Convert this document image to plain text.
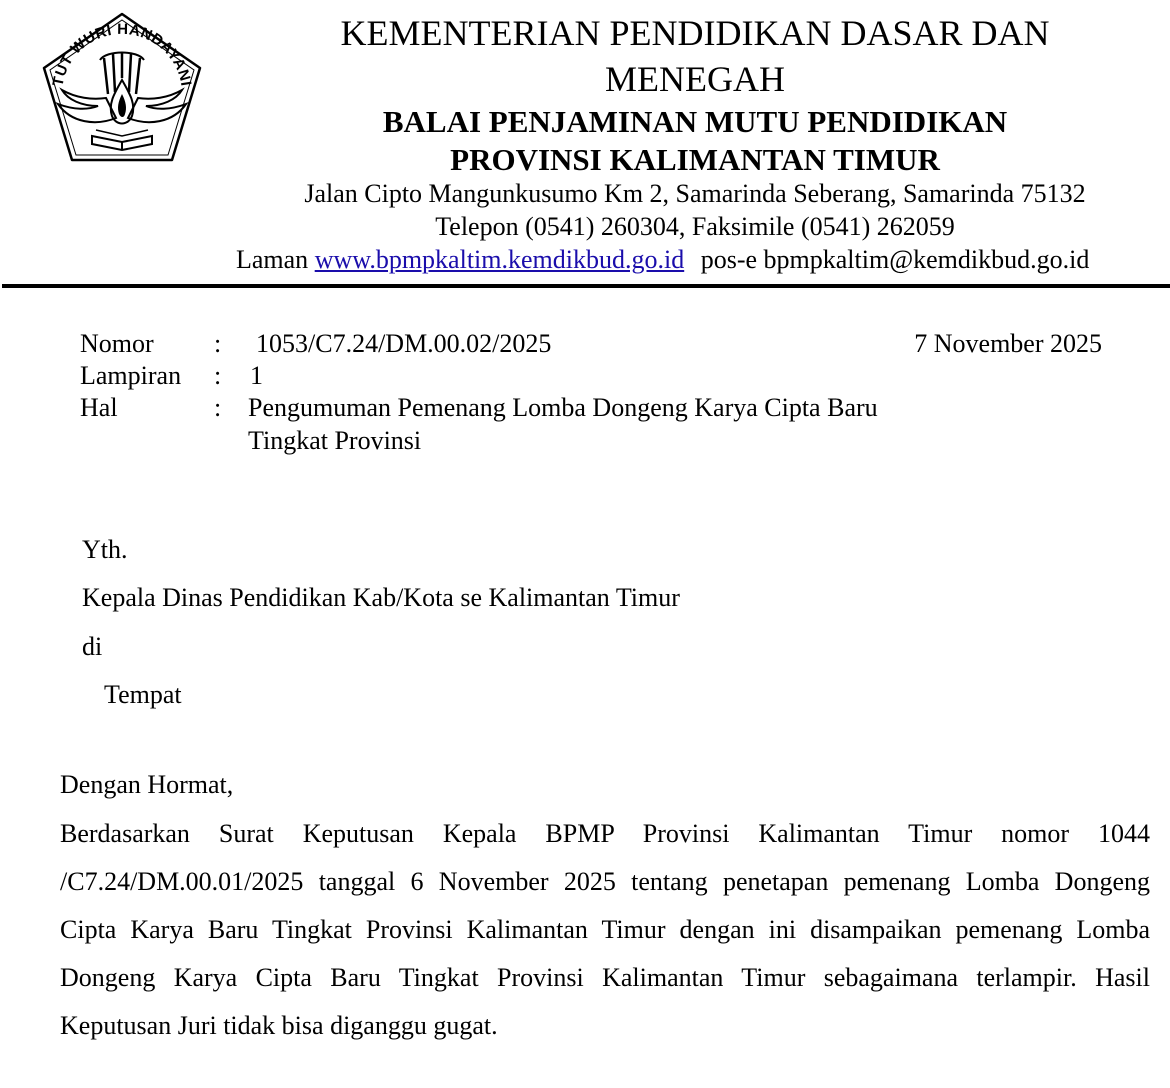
TUT WURI HANDAYANI
KEMENTERIAN PENDIDIKAN DASAR DAN
MENEGAH
BALAI PENJAMINAN MUTU PENDIDIKAN
PROVINSI KALIMANTAN TIMUR
Jalan Cipto Mangunkusumo Km 2, Samarinda Seberang, Samarinda 75132
Telepon (0541) 260304, Faksimile (0541) 262059
Laman www.bpmpkaltim.kemdikbud.go.id pos-e bpmpkaltim@kemdikbud.go.id
Nomor : 1053/C7.24/DM.00.02/2025	7 November 2025
Lampiran : 1
Hal	: Pengumuman Pemenang Lomba Dongeng Karya Cipta Baru
Tingkat Provinsi
Yth.
Kepala Dinas Pendidikan Kab/Kota se Kalimantan Timur
di
Tempat
Dengan Hormat,
Berdasarkan Surat Keputusan Kepala BPMP Provinsi Kalimantan Timur nomor 1044
/C7.24/DM.00.01/2025 tanggal 6 November 2025 tentang penetapan pemenang Lomba Dongeng
Cipta Karya Baru Tingkat Provinsi Kalimantan Timur dengan ini disampaikan pemenang Lomba
Dongeng Karya Cipta Baru Tingkat Provinsi Kalimantan Timur sebagaimana terlampir. Hasil
Keputusan Juri tidak bisa diganggu gugat.
